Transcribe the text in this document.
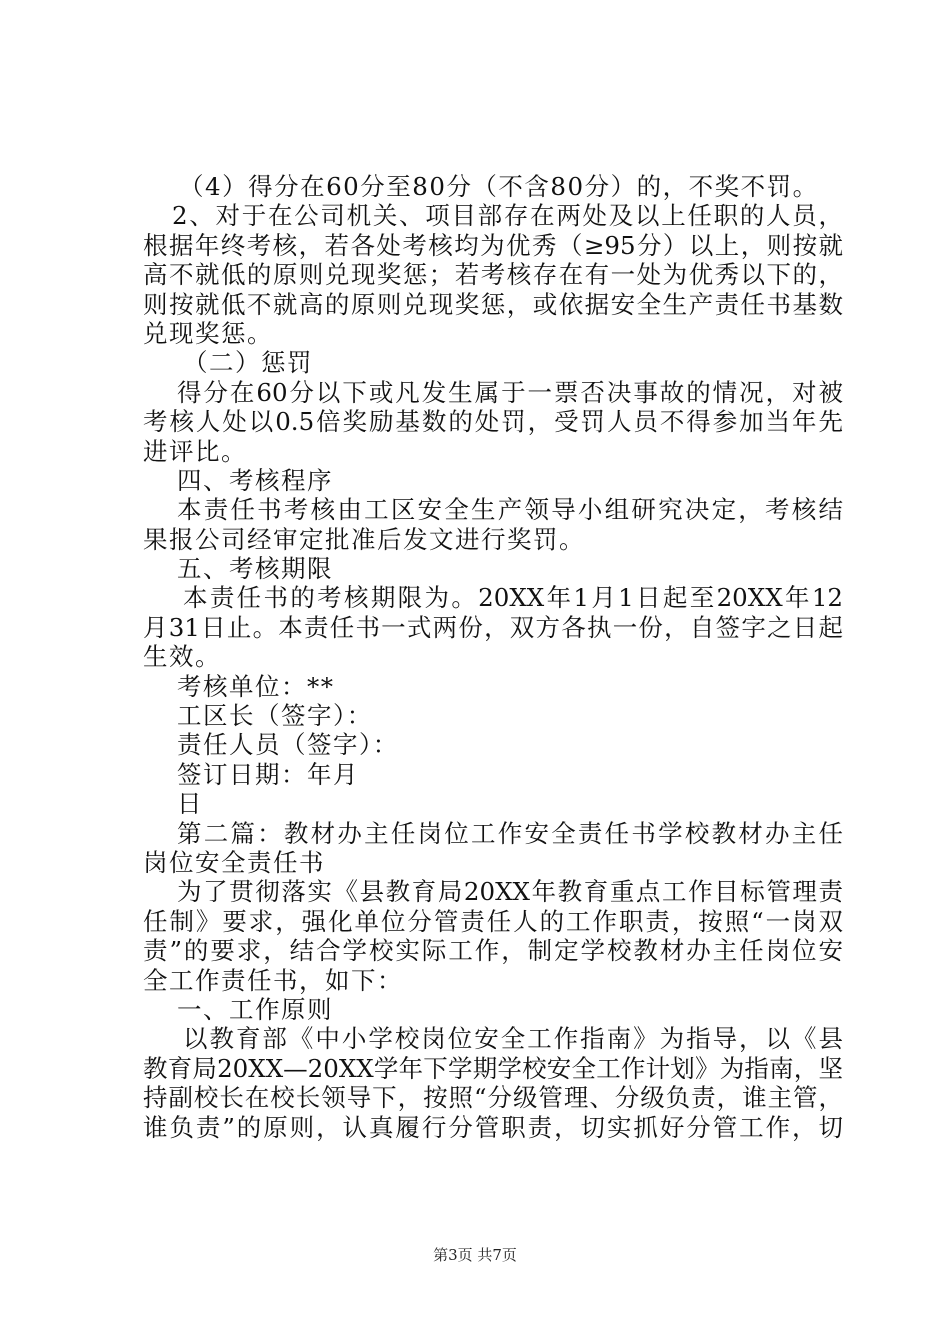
（4）得分在60分至80分（不含80分）的，不奖不罚。
2、对于在公司机关、项目部存在两处及以上任职的人员，
根据年终考核，若各处考核均为优秀（≥95分）以上，则按就
高不就低的原则兑现奖惩；若考核存在有一处为优秀以下的，
则按就低不就高的原则兑现奖惩，或依据安全生产责任书基数
兑现奖惩。
（二）惩罚
得分在60分以下或凡发生属于一票否决事故的情况，对被
考核人处以0.5倍奖励基数的处罚，受罚人员不得参加当年先
进评比。
四、考核程序
本责任书考核由工区安全生产领导小组研究决定，考核结
果报公司经审定批准后发文进行奖罚。
五、考核期限
本责任书的考核期限为。20XX年1月1日起至20XX年12
月31日止。本责任书一式两份，双方各执一份，自签字之日起
生效。
考核单位：**
工区长（签字）：
责任人员（签字）：
签订日期：年月
日
第二篇：教材办主任岗位工作安全责任书学校教材办主任
岗位安全责任书
为了贯彻落实《县教育局20XX年教育重点工作目标管理责
任制》要求，强化单位分管责任人的工作职责，按照“一岗双
责”的要求，结合学校实际工作，制定学校教材办主任岗位安
全工作责任书，如下：
一、工作原则
以教育部《中小学校岗位安全工作指南》为指导，以《县
教育局20XX—20XX学年下学期学校安全工作计划》为指南，坚
持副校长在校长领导下，按照“分级管理、分级负责，谁主管，
谁负责”的原则，认真履行分管职责，切实抓好分管工作，切
第3页 共7页
